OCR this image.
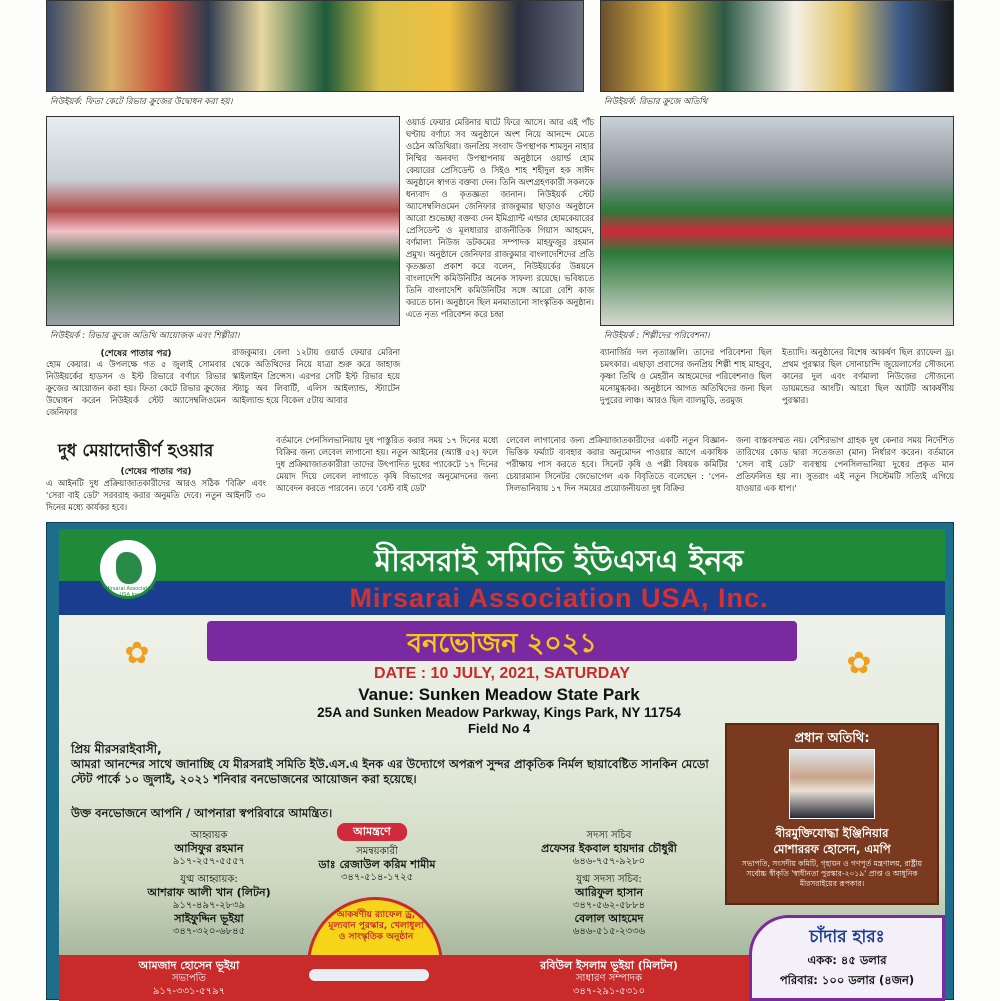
নিউইয়র্ক: ফিতা কেটে রিভার ক্রুজের উদ্বোধন করা হয়।	নিউইয়র্ক: রিভার ক্রুজে অতিথি
নিউইয়র্ক : রিভার ক্রুজে অতিথি আয়োজক এবং শিল্পীরা।
ওয়ার্ড ফেয়ার মেরিনার ঘাটে ফিরে আসে। আর এই পাঁচ ঘণ্টায় বর্ণাঢ্য সব অনুষ্ঠানে অংশ নিয়ে আনন্দে মেতে ওঠেন অতিথিরা। জনপ্রিয় সংবাদ উপস্থাপক শামসুন নাহার নিম্মির অনবদ্য উপস্থাপনায় অনুষ্ঠানে ওয়ার্ল্ড হোম কেয়ারের প্রেসিডেন্ট ও সিইও শাহ শহীদুল হক সাঈদ অনুষ্ঠানে স্বাগত বক্তব্য দেন। তিনি অংশগ্রহণকারী সকলকে ধন্যবাদ ও কৃতজ্ঞতা জানান। নিউইয়র্ক স্টেট অ্যাসেম্বলিওমেন জেনিফার রাজকুমার ছাড়াও অনুষ্ঠানে আরো শুভেচ্ছা বক্তব্য দেন ইমিগ্র্যান্ট এল্ডার হোমকেয়ারের প্রেসিডেন্ট ও মূলধারার রাজনীতিক গিয়াস আহমেদ, বর্ণমালা নিউজ ডটকমের সম্পাদক মাহফুজুর রহমান প্রমুখ। অনুষ্ঠানে জেনিফার রাজকুমার বাংলাদেশিদের প্রতি কৃতজ্ঞতা প্রকাশ করে বলেন, নিউইয়র্কের উন্নয়নে বাংলাদেশি কমিউনিটির অনেক সাফল্য রয়েছে। ভবিষ্যতে তিনি বাংলাদেশি কমিউনিটির সঙ্গে আরো বেশি কাজ করতে চান। অনুষ্ঠানে ছিল মনমাতানো সাংস্কৃতিক অনুষ্ঠান। এতে নৃত্য পরিবেশন করে চন্দ্রা
নিউইয়র্ক : শিল্পীদের পরিবেশনা।
(শেষের পাতার পর)
হোম কেয়ার। এ উপলক্ষে গত ৫ জুলাই সোমবার নিউইয়র্কের হাডসন ও ইস্ট রিভারে বর্ণাঢ্য রিভার ক্রুজের আয়োজন করা হয়। ফিতা কেটে রিভার ক্রুজের উদ্বোধন করেন নিউইয়র্ক স্টেট অ্যাসেম্বলিওমেন জেনিফার
রাজকুমার। বেলা ১২টায় ওয়ার্ড ফেয়ার মেরিনা থেকে অতিথিদের নিয়ে যাত্রা শুরু করে জাহাজ স্কাইলাইন প্রিন্সেস। এরপর সেটি ইস্ট রিভার হয়ে স্ট্যাচু অব লিবার্টি, এলিস আইল্যান্ড, স্ট্যাটেন আইল্যান্ড হয়ে বিকেল ৫টায় আবার
ব্যানার্জির দল নৃত্যাঞ্জলি। তাদের পরিবেশনা ছিল চমৎকার। এছাড়া প্রবাসের জনপ্রিয় শিল্পী শাহ মাহবুব, কৃষ্ণা তিথি ও মেহরীন আহমেদের পরিবেশনাও ছিল মনোমুগ্ধকর। অনুষ্ঠানে আগত অতিথিদের জন্য ছিল দুপুরের লাঞ্চ। আরও ছিল ব্যালমুড়ি, তরমুজ
ইত্যাদি। অনুষ্ঠানের বিশেষ আকর্ষণ ছিল র‍্যাফেল ড্র। প্রথম পুরস্কার ছিল সোনাচান্দি জুয়েলার্সের সৌজন্যে কানের দুল এবং বর্ণমালা নিউজের সৌজন্যে ডায়মন্ডের আংটি। আরো ছিল আটটি আকর্ষণীয় পুরস্কার।
দুধ মেয়াদোত্তীর্ণ হওয়ার
(শেষের পাতার পর)
এ আইনটি দুধ প্রক্রিয়াজাতকারীদের আরও সঠিক 'বিক্রি' এবং 'সেরা বাই ডেট' সরবরাহ করার অনুমতি দেবে। নতুন আইনটি ৩০ দিনের মধ্যে কার্যকর হবে।
বর্তমানে পেনসিলভানিয়ায় দুধ পাস্তুরিত করার সময় ১৭ দিনের মধ্যে বিক্রির জন্য লেবেল লাগানো হয়। নতুন আইনের (অ্যাক্ট ৫২) ফলে দুধ প্রক্রিয়াজাতকারীরা তাদের উৎপাদিত দুধের প্যাকেটে ১৭ দিনের মেয়াদ দিয়ে লেবেল লাগাতে কৃষি বিভাগের অনুমোদনের জন্য আবেদন করতে পারবেন। তবে 'বেস্ট বাই ডেট'
লেবেল লাগানোর জন্য প্রক্রিয়াজাতকারীদের একটি নতুন বিজ্ঞান-ভিত্তিক ফর্ম্যাট ব্যবহার করার অনুমোদন পাওয়ার আগে একাধিক পরীক্ষায় পাস করতে হবে। সিনেট কৃষি ও পল্লী বিষয়ক কমিটির চেয়ারম্যান সিনেটর জেভোগেল এক বিবৃতিতে বলেছেন : 'পেন-সিলভানিয়ায় ১৭ দিন সময়ের প্রয়োজনীয়তা দুধ বিক্রির
জন্য বাস্তবসম্মত নয়। বেশিরভাগ গ্রাহক দুধ কেনার সময় নির্দেশিত তারিখের কোড দ্বারা সতেজতা (মান) নির্ধারণ করেন। বর্তমানে 'সেল বাই ডেট' ব্যবস্থায় পেনসিলভানিয়া দুধের প্রকৃত মান প্রতিফলিত হয় না। সুতরাং এই নতুন সিস্টেমটি সত্যিই এগিয়ে যাওয়ার এক ধাপ।'
মীরসরাই সমিতি ইউএসএ ইনক
Mirsarai Association USA, Inc.
Mirsarai Association USA Inc.
বনভোজন ২০২১
✿	✿
DATE : 10 JULY, 2021, SATURDAY
Vanue: Sunken Meadow State Park
25A and Sunken Meadow Parkway, Kings Park, NY 11754
Field No 4
প্রিয় মীরসরাইবাসী,
আমরা আনন্দের সাথে জানাচ্ছি যে মীরসরাই সমিতি ইউ.এস.এ ইনক এর উদ্যোগে অপরূপ সুন্দর প্রাকৃতিক নির্মল ছায়াবেষ্টিত সানকিন মেডো স্টেট পার্কে ১০ জুলাই, ২০২১ শনিবার বনভোজনের আয়োজন করা হয়েছে।
উক্ত বনভোজনে আপনি / আপনারা স্বপরিবারে আমন্ত্রিত।
আমন্ত্রণে
আহ্বায়ক
আসিফুর রহমান
৯১৭-২৫৭-৫৫৫৭
যুগ্ম আহ্বায়ক:
আশরাফ আলী খান (লিটন)
৯১৭-৪৯৭-২৮৩৯

সাইফুদ্দিন ভূইয়া
৩৪৭-৩২০-৬৮৪৫
সমন্বয়কারী
ডাঃ রেজাউল করিম শামীম
৩৪৭-৫১৪-১৭২৫
সদস্য সচিব
প্রফেসর ইকবাল হায়দার চৌধুরী
৬৪৬-৭৫৭-৯২৮০
যুগ্ম সদস্য সচিব:
আরিফুল হাসান
৩৪৭-৫৬২-৫৮৮৪

বেলাল আহমেদ
৬৪৬-৫১৫-২৩৩৬
আকর্ষণীয় র‍্যাফেল ড্র, মূল্যবান পুরস্কার, খেলাধুলা ও সাংস্কৃতিক অনুষ্ঠান
আমজাদ হোসেন ভূইয়া
সভাপতি
৯১৭-৩৩১-৫৭৯৭
রবিউল ইসলাম ভূইয়া (মিলটন)
সাধারণ সম্পাদক
৩৪৭-২৯১-৫৩১০
প্রধান অতিথি:
বীরমুক্তিযোদ্ধা ইঞ্জিনিয়ার
মোশাররফ হোসেন, এমপি
সভাপতি, সংসদীয় কমিটি, গৃহায়ন ও গণপূর্ত মন্ত্রণালয়, রাষ্ট্রীয় সর্বোচ্চ স্বীকৃতি 'স্বাধীনতা পুরস্কার-২০১৯' প্রাপ্ত ও আধুনিক মীরসরাইয়ের রূপকার।
চাঁদার হারঃ
একক: ৪৫ ডলার
পরিবার: ১০০ ডলার (৪জন)
